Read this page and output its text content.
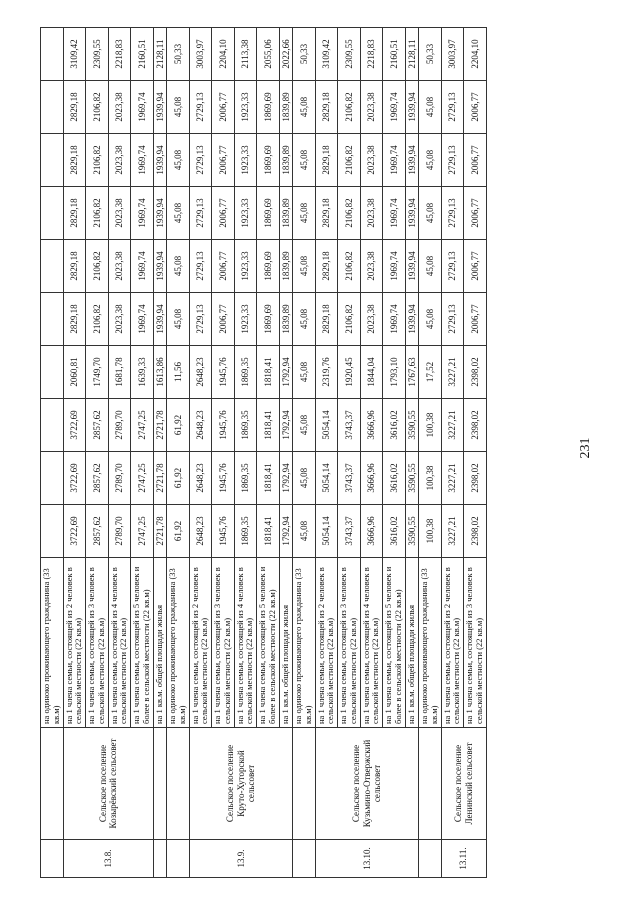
		на одиноко проживающего гражданина (33 кв.м)										
13.8.	Сельское поселение Козырёвский сельсовет	на 1 члена семьи, состоящей из 2 человек в сельской местности (22 кв.м)	3722,69	3722,69	3722,69	2060,81	2829,18	2829,18	2829,18	2829,18	2829,18	3109,42
		на 1 члена семьи, состоящей из 3 человек в сельской местности (22 кв.м)	2857,62	2857,62	2857,62	1749,70	2106,82	2106,82	2106,82	2106,82	2106,82	2309,55
		на 1 члена семьи, состоящей из 4 человек в сельской местности (22 кв.м)	2789,70	2789,70	2789,70	1681,78	2023,38	2023,38	2023,38	2023,38	2023,38	2218,83
		на 1 члена семьи, состоящей из 5 человек и более в сельской местности (22 кв.м)	2747,25	2747,25	2747,25	1639,33	1969,74	1969,74	1969,74	1969,74	1969,74	2160,51
		на 1 кв.м. общей площади жилья	2721,78	2721,78	2721,78	1613,86	1939,94	1939,94	1939,94	1939,94	1939,94	2128,11
		на одиноко проживающего гражданина (33 кв.м)	61,92	61,92	61,92	11,56	45,08	45,08	45,08	45,08	45,08	50,33
13.9.	Сельское поселение Круто-Хуторской сельсовет	на 1 члена семьи, состоящей из 2 человек в сельской местности (22 кв.м)	2648,23	2648,23	2648,23	2648,23	2729,13	2729,13	2729,13	2729,13	2729,13	3003,97
		на 1 члена семьи, состоящей из 3 человек в сельской местности (22 кв.м)	1945,76	1945,76	1945,76	1945,76	2006,77	2006,77	2006,77	2006,77	2006,77	2204,10
		на 1 члена семьи, состоящей из 4 человек в сельской местности (22 кв.м)	1869,35	1869,35	1869,35	1869,35	1923,33	1923,33	1923,33	1923,33	1923,33	2113,38
		на 1 члена семьи, состоящей из 5 человек и более в сельской местности (22 кв.м)	1818,41	1818,41	1818,41	1818,41	1869,69	1869,69	1869,69	1869,69	1869,69	2055,06
		на 1 кв.м. общей площади жилья	1792,94	1792,94	1792,94	1792,94	1839,89	1839,89	1839,89	1839,89	1839,89	2022,66
		на одиноко проживающего гражданина (33 кв.м)	45,08	45,08	45,08	45,08	45,08	45,08	45,08	45,08	45,08	50,33
13.10.	Сельское поселение Кузьмино-Отвержский сельсовет	на 1 члена семьи, состоящей из 2 человек в сельской местности (22 кв.м)	5054,14	5054,14	5054,14	2319,76	2829,18	2829,18	2829,18	2829,18	2829,18	3109,42
		на 1 члена семьи, состоящей из 3 человек в сельской местности (22 кв.м)	3743,37	3743,37	3743,37	1920,45	2106,82	2106,82	2106,82	2106,82	2106,82	2309,55
		на 1 члена семьи, состоящей из 4 человек в сельской местности (22 кв.м)	3666,96	3666,96	3666,96	1844,04	2023,38	2023,38	2023,38	2023,38	2023,38	2218,83
		на 1 члена семьи, состоящей из 5 человек и более в сельской местности (22 кв.м)	3616,02	3616,02	3616,02	1793,10	1969,74	1969,74	1969,74	1969,74	1969,74	2160,51
		на 1 кв.м. общей площади жилья	3590,55	3590,55	3590,55	1767,63	1939,94	1939,94	1939,94	1939,94	1939,94	2128,11
		на одиноко проживающего гражданина (33 кв.м)	100,38	100,38	100,38	17,52	45,08	45,08	45,08	45,08	45,08	50,33
13.11.	Сельское поселение Ленинский сельсовет	на 1 члена семьи, состоящей из 2 человек в сельской местности (22 кв.м)	3227,21	3227,21	3227,21	3227,21	2729,13	2729,13	2729,13	2729,13	2729,13	3003,97
		на 1 члена семьи, состоящей из 3 человек в сельской местности (22 кв.м)	2398,02	2398,02	2398,02	2398,02	2006,77	2006,77	2006,77	2006,77	2006,77	2204,10
231
